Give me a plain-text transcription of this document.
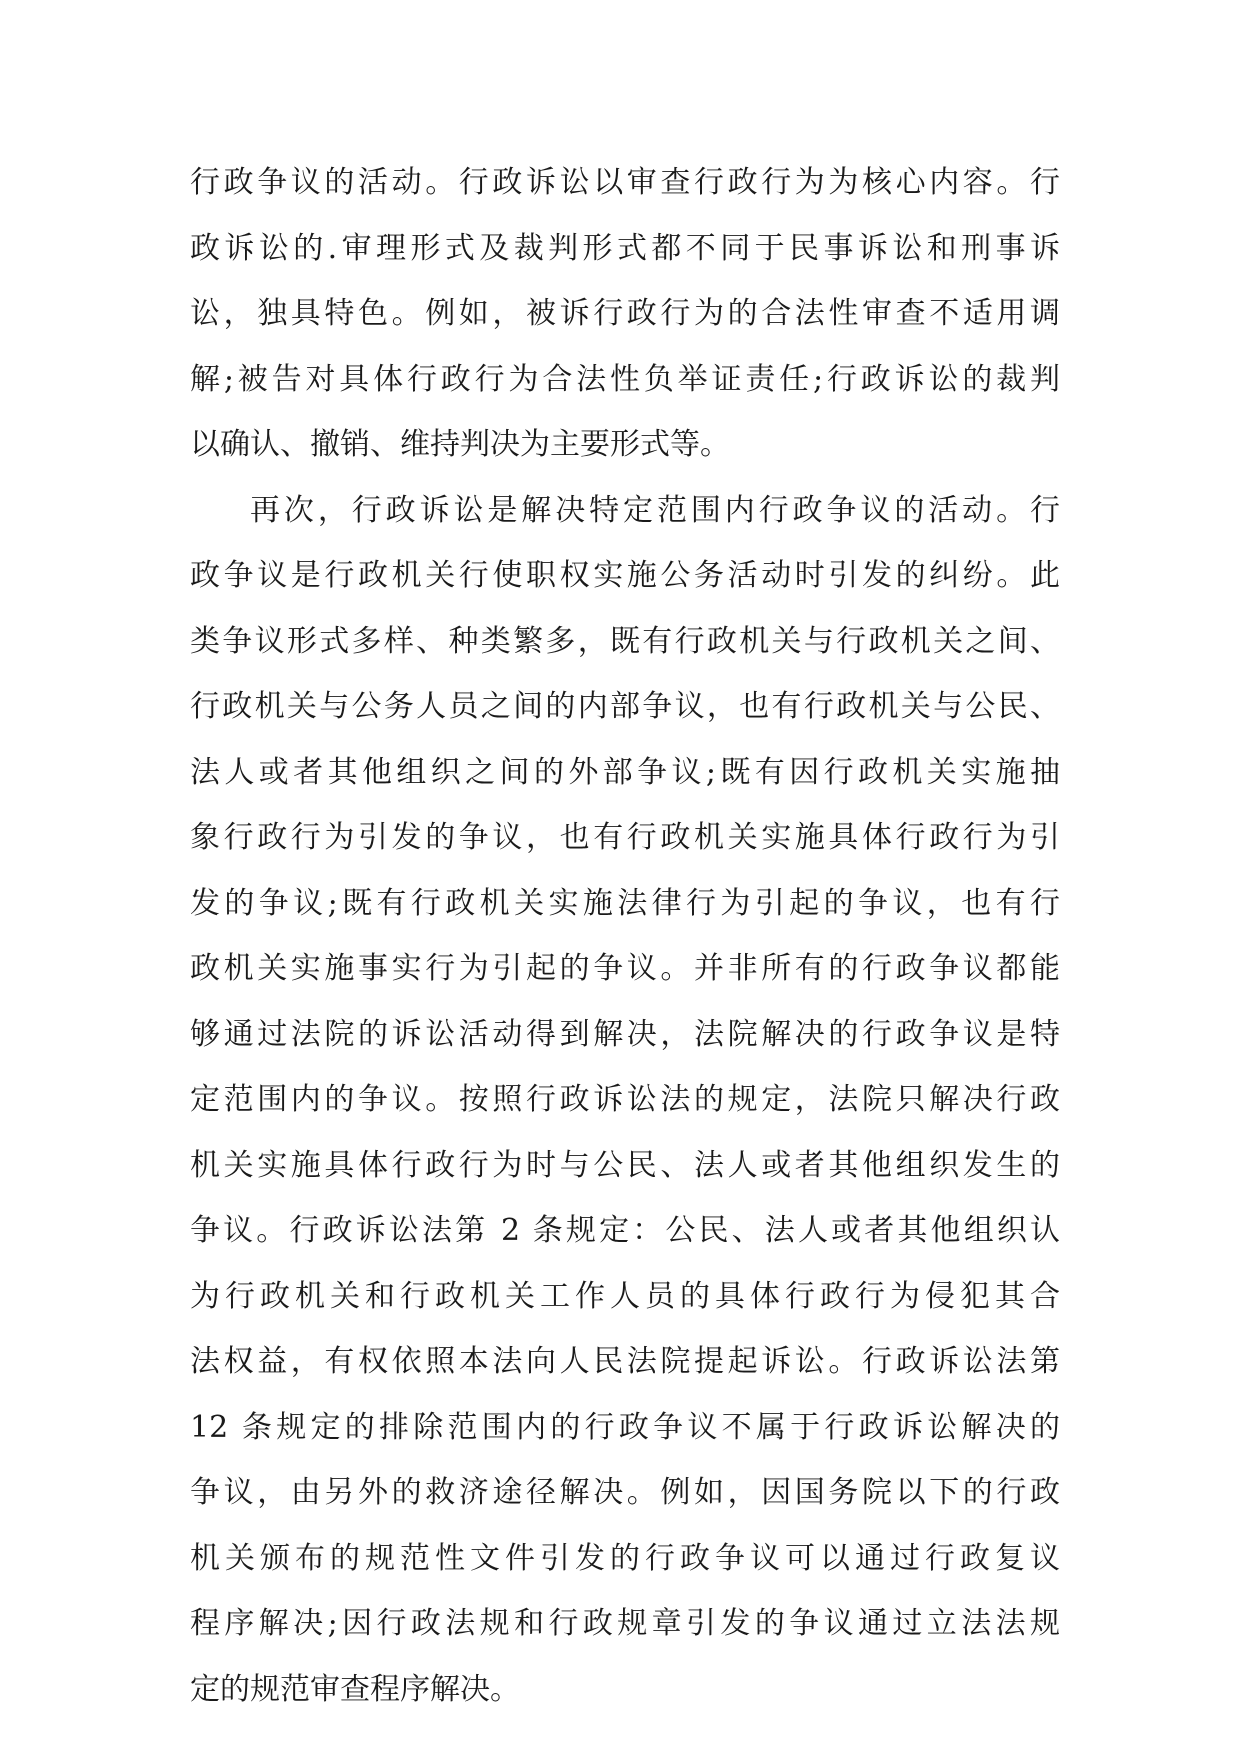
行政争议的活动。行政诉讼以审查行政行为为核心内容。行
政诉讼的.审理形式及裁判形式都不同于民事诉讼和刑事诉
讼，独具特色。例如，被诉行政行为的合法性审查不适用调
解;被告对具体行政行为合法性负举证责任;行政诉讼的裁判
以确认、撤销、维持判决为主要形式等。
再次，行政诉讼是解决特定范围内行政争议的活动。行
政争议是行政机关行使职权实施公务活动时引发的纠纷。此
类争议形式多样、种类繁多，既有行政机关与行政机关之间、
行政机关与公务人员之间的内部争议，也有行政机关与公民、
法人或者其他组织之间的外部争议;既有因行政机关实施抽
象行政行为引发的争议，也有行政机关实施具体行政行为引
发的争议;既有行政机关实施法律行为引起的争议，也有行
政机关实施事实行为引起的争议。并非所有的行政争议都能
够通过法院的诉讼活动得到解决，法院解决的行政争议是特
定范围内的争议。按照行政诉讼法的规定，法院只解决行政
机关实施具体行政行为时与公民、法人或者其他组织发生的
争议。行政诉讼法第 2 条规定：公民、法人或者其他组织认
为行政机关和行政机关工作人员的具体行政行为侵犯其合
法权益，有权依照本法向人民法院提起诉讼。行政诉讼法第
12 条规定的排除范围内的行政争议不属于行政诉讼解决的
争议，由另外的救济途径解决。例如，因国务院以下的行政
机关颁布的规范性文件引发的行政争议可以通过行政复议
程序解决;因行政法规和行政规章引发的争议通过立法法规
定的规范审查程序解决。
